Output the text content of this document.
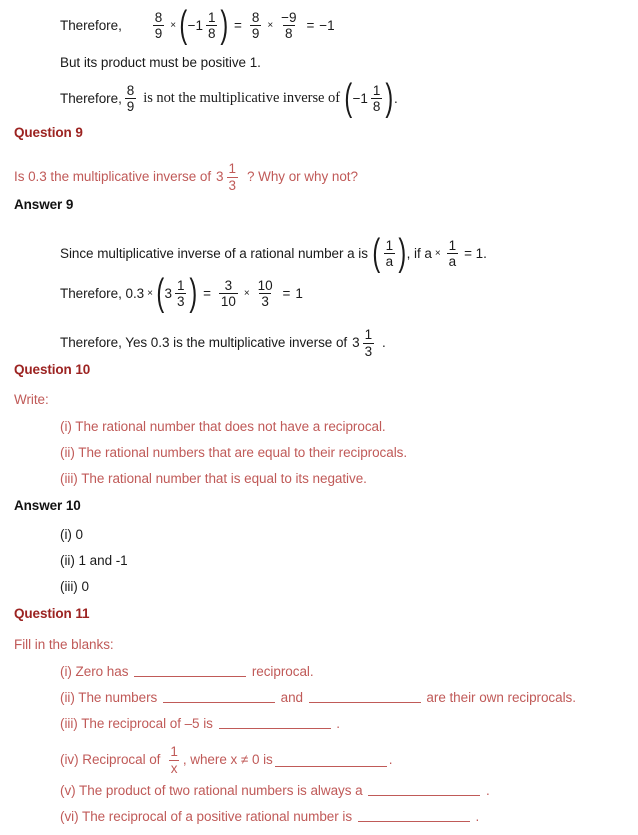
Therefore, $\frac{8}{9}$ × ( $-1 \frac{1}{8}$ ) = $\frac{8}{9} \times \frac{-9}{8} = -1$
But its product must be positive 1.
Therefore, $\frac{8}{9}$ is not the multiplicative inverse of ( $-1 \frac{1}{8}$ ) .
Question 9
Is 0.3 the multiplicative inverse of $3 \frac{1}{3}$ ? Why or why not?
Answer 9
Since multiplicative inverse of a rational number a is ( $\frac{1}{a}$ ) , if $a \times \frac{1}{a} = 1$.
Therefore, 0.3 × ( $3 \frac{1}{3}$ ) = $\frac{3}{10} \times \frac{10}{3} = 1$
Therefore, Yes 0.3 is the multiplicative inverse of $3 \frac{1}{3}$ .
Question 10
Write:
(i) The rational number that does not have a reciprocal.
(ii) The rational numbers that are equal to their reciprocals.
(iii) The rational number that is equal to its negative.
Answer 10
(i) 0
(ii) 1 and -1
(iii) 0
Question 11
Fill in the blanks:
(i) Zero has	reciprocal.
(ii) The numbers	and	are their own reciprocals.
(iii) The reciprocal of –5 is	.
(iv) Reciprocal of $\frac{1}{x}$ , where x ≠ 0 is	.
(v) The product of two rational numbers is always a	.
(vi) The reciprocal of a positive rational number is	.
